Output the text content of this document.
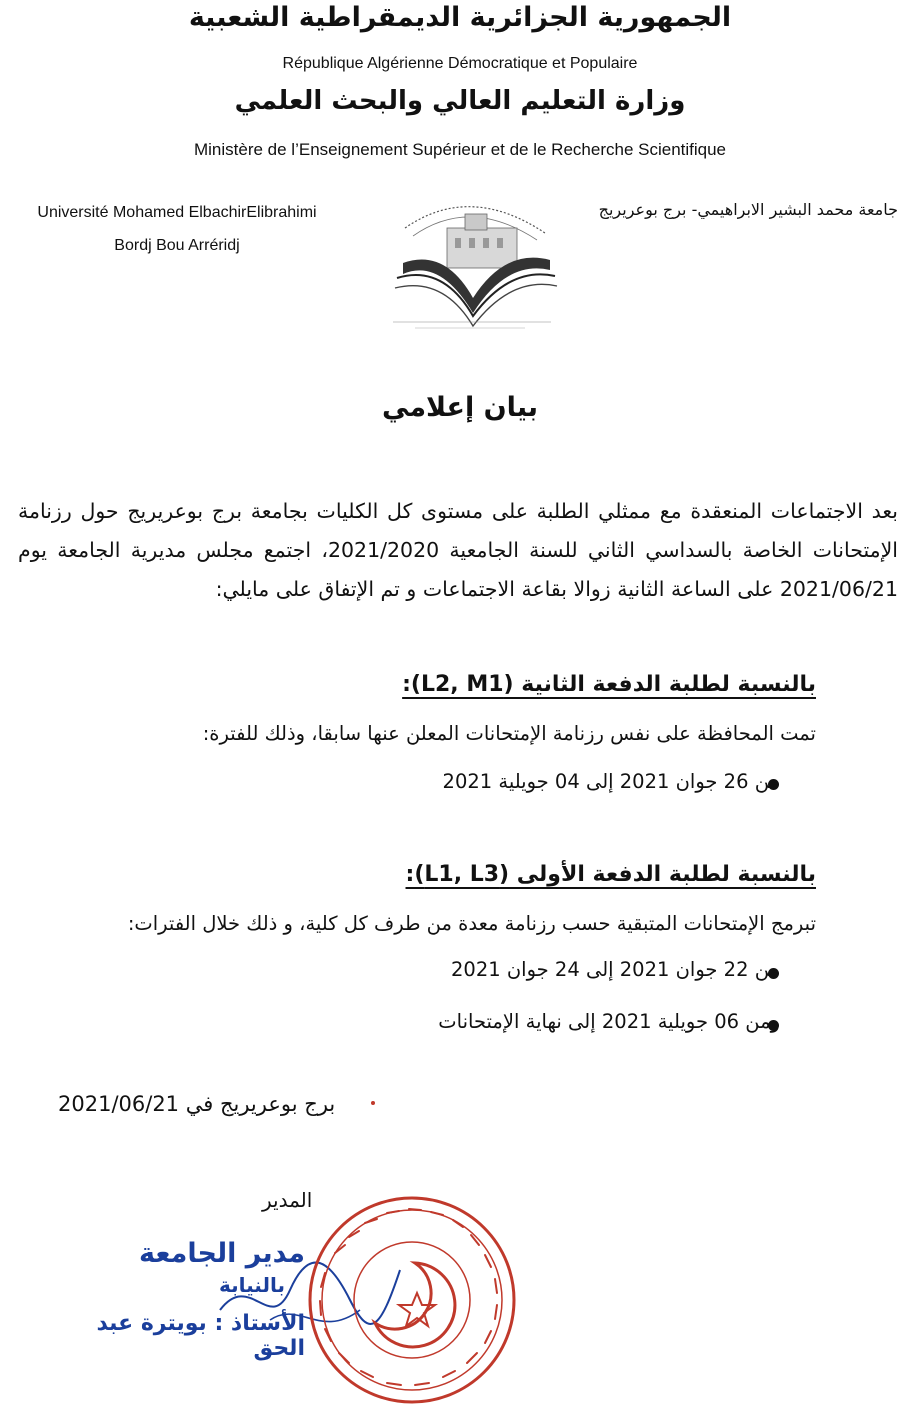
الجمهورية الجزائرية الديمقراطية الشعبية
République Algérienne Démocratique et Populaire
وزارة التعليم العالي والبحث العلمي
Ministère de l’Enseignement Supérieur et de le Recherche Scientifique
Université Mohamed ElbachirElibrahimi
Bordj Bou Arréridj
جامعة محمد البشير الابراهيمي- برج بوعريريج
بيان إعلامي
بعد الاجتماعات المنعقدة مع ممثلي الطلبة على مستوى كل الكليات بجامعة برج بوعريريج حول رزنامة الإمتحانات الخاصة بالسداسي الثاني للسنة الجامعية 2021/2020، اجتمع مجلس مديرية الجامعة يوم 2021/06/21 على الساعة الثانية زوالا بقاعة الاجتماعات و تم الإتفاق على مايلي:
بالنسبة لطلبة الدفعة الثانية (L2, M1):
تمت المحافظة على نفس رزنامة الإمتحانات المعلن عنها سابقا، وذلك للفترة:
من 26 جوان 2021 إلى 04 جويلية 2021
بالنسبة لطلبة الدفعة الأولى (L1, L3):
تبرمج الإمتحانات المتبقية حسب رزنامة معدة من طرف كل كلية، و ذلك خلال الفترات:
من 22 جوان 2021 إلى 24 جوان 2021
ومن 06 جويلية 2021 إلى نهاية الإمتحانات
برج بوعريريج في 2021/06/21
المدير
مدير الجامعة
بالنيابة
الأستاذ : بويترة عبد الحق
